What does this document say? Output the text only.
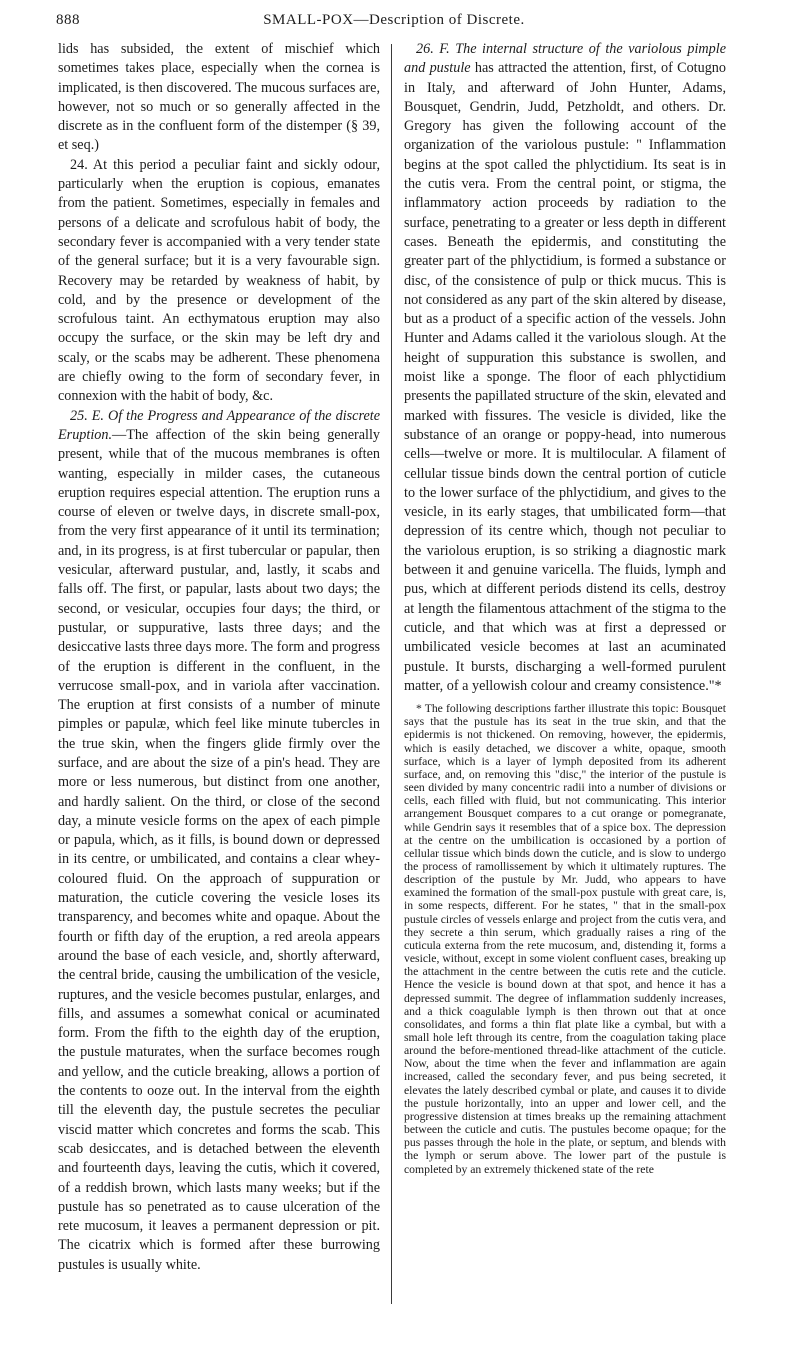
888	SMALL-POX—Description of Discrete.

lids has subsided, the extent of mischief which sometimes takes place, especially when the cornea is implicated, is then discovered. The mucous surfaces are, however, not so much or so generally affected in the discrete as in the confluent form of the distemper (§ 39, et seq.)

24. At this period a peculiar faint and sickly odour, particularly when the eruption is copious, emanates from the patient. Sometimes, especially in females and persons of a delicate and scrofulous habit of body, the secondary fever is accompanied with a very tender state of the general surface; but it is a very favourable sign. Recovery may be retarded by weakness of habit, by cold, and by the presence or development of the scrofulous taint. An ecthymatous eruption may also occupy the surface, or the skin may be left dry and scaly, or the scabs may be adherent. These phenomena are chiefly owing to the form of secondary fever, in connexion with the habit of body, &c.

25. E. Of the Progress and Appearance of the discrete Eruption.—The affection of the skin being generally present, while that of the mucous membranes is often wanting, especially in milder cases, the cutaneous eruption requires especial attention. The eruption runs a course of eleven or twelve days, in discrete small-pox, from the very first appearance of it until its termination; and, in its progress, is at first tubercular or papular, then vesicular, afterward pustular, and, lastly, it scabs and falls off. The first, or papular, lasts about two days; the second, or vesicular, occupies four days; the third, or pustular, or suppurative, lasts three days; and the desiccative lasts three days more. The form and progress of the eruption is different in the confluent, in the verrucose small-pox, and in variola after vaccination. The eruption at first consists of a number of minute pimples or papulæ, which feel like minute tubercles in the true skin, when the fingers glide firmly over the surface, and are about the size of a pin's head. They are more or less numerous, but distinct from one another, and hardly salient. On the third, or close of the second day, a minute vesicle forms on the apex of each pimple or papula, which, as it fills, is bound down or depressed in its centre, or umbilicated, and contains a clear whey-coloured fluid. On the approach of suppuration or maturation, the cuticle covering the vesicle loses its transparency, and becomes white and opaque. About the fourth or fifth day of the eruption, a red areola appears around the base of each vesicle, and, shortly afterward, the central bride, causing the umbilication of the vesicle, ruptures, and the vesicle becomes pustular, enlarges, and fills, and assumes a somewhat conical or acuminated form. From the fifth to the eighth day of the eruption, the pustule maturates, when the surface becomes rough and yellow, and the cuticle breaking, allows a portion of the contents to ooze out. In the interval from the eighth till the eleventh day, the pustule secretes the peculiar viscid matter which concretes and forms the scab. This scab desiccates, and is detached between the eleventh and fourteenth days, leaving the cutis, which it covered, of a reddish brown, which lasts many weeks; but if the pustule has so penetrated as to cause ulceration of the rete mucosum, it leaves a permanent depression or pit. The cicatrix which is formed after these burrowing pustules is usually white.

26. F. The internal structure of the variolous pimple and pustule has attracted the attention, first, of Cotugno in Italy, and afterward of John Hunter, Adams, Bousquet, Gendrin, Judd, Petzholdt, and others. Dr. Gregory has given the following account of the organization of the variolous pustule: " Inflammation begins at the spot called the phlyctidium. Its seat is in the cutis vera. From the central point, or stigma, the inflammatory action proceeds by radiation to the surface, penetrating to a greater or less depth in different cases. Beneath the epidermis, and constituting the greater part of the phlyctidium, is formed a substance or disc, of the consistence of pulp or thick mucus. This is not considered as any part of the skin altered by disease, but as a product of a specific action of the vessels. John Hunter and Adams called it the variolous slough. At the height of suppuration this substance is swollen, and moist like a sponge. The floor of each phlyctidium presents the papillated structure of the skin, elevated and marked with fissures. The vesicle is divided, like the substance of an orange or poppy-head, into numerous cells—twelve or more. It is multilocular. A filament of cellular tissue binds down the central portion of cuticle to the lower surface of the phlyctidium, and gives to the vesicle, in its early stages, that umbilicated form—that depression of its centre which, though not peculiar to the variolous eruption, is so striking a diagnostic mark between it and genuine varicella. The fluids, lymph and pus, which at different periods distend its cells, destroy at length the filamentous attachment of the stigma to the cuticle, and that which was at first a depressed or umbilicated vesicle becomes at last an acuminated pustule. It bursts, discharging a well-formed purulent matter, of a yellowish colour and creamy consistence."*

* The following descriptions farther illustrate this topic: Bousquet says that the pustule has its seat in the true skin, and that the epidermis is not thickened. On removing, however, the epidermis, which is easily detached, we discover a white, opaque, smooth surface, which is a layer of lymph deposited from its adherent surface, and, on removing this "disc," the interior of the pustule is seen divided by many concentric radii into a number of divisions or cells, each filled with fluid, but not communicating. This interior arrangement Bousquet compares to a cut orange or pomegranate, while Gendrin says it resembles that of a spice box. The depression at the centre on the umbilication is occasioned by a portion of cellular tissue which binds down the cuticle, and is slow to undergo the process of ramollissement by which it ultimately ruptures. The description of the pustule by Mr. Judd, who appears to have examined the formation of the small-pox pustule with great care, is, in some respects, different. For he states, " that in the small-pox pustule circles of vessels enlarge and project from the cutis vera, and they secrete a thin serum, which gradually raises a ring of the cuticula externa from the rete mucosum, and, distending it, forms a vesicle, without, except in some violent confluent cases, breaking up the attachment in the centre between the cutis rete and the cuticle. Hence the vesicle is bound down at that spot, and hence it has a depressed summit. The degree of inflammation suddenly increases, and a thick coagulable lymph is then thrown out that at once consolidates, and forms a thin flat plate like a cymbal, but with a small hole left through its centre, from the coagulation taking place around the before-mentioned thread-like attachment of the cuticle. Now, about the time when the fever and inflammation are again increased, called the secondary fever, and pus being secreted, it elevates the lately described cymbal or plate, and causes it to divide the pustule horizontally, into an upper and lower cell, and the progressive distension at times breaks up the remaining attachment between the cuticle and cutis. The pustules become opaque; for the pus passes through the hole in the plate, or septum, and blends with the lymph or serum above. The lower part of the pustule is completed by an extremely thickened state of the rete
